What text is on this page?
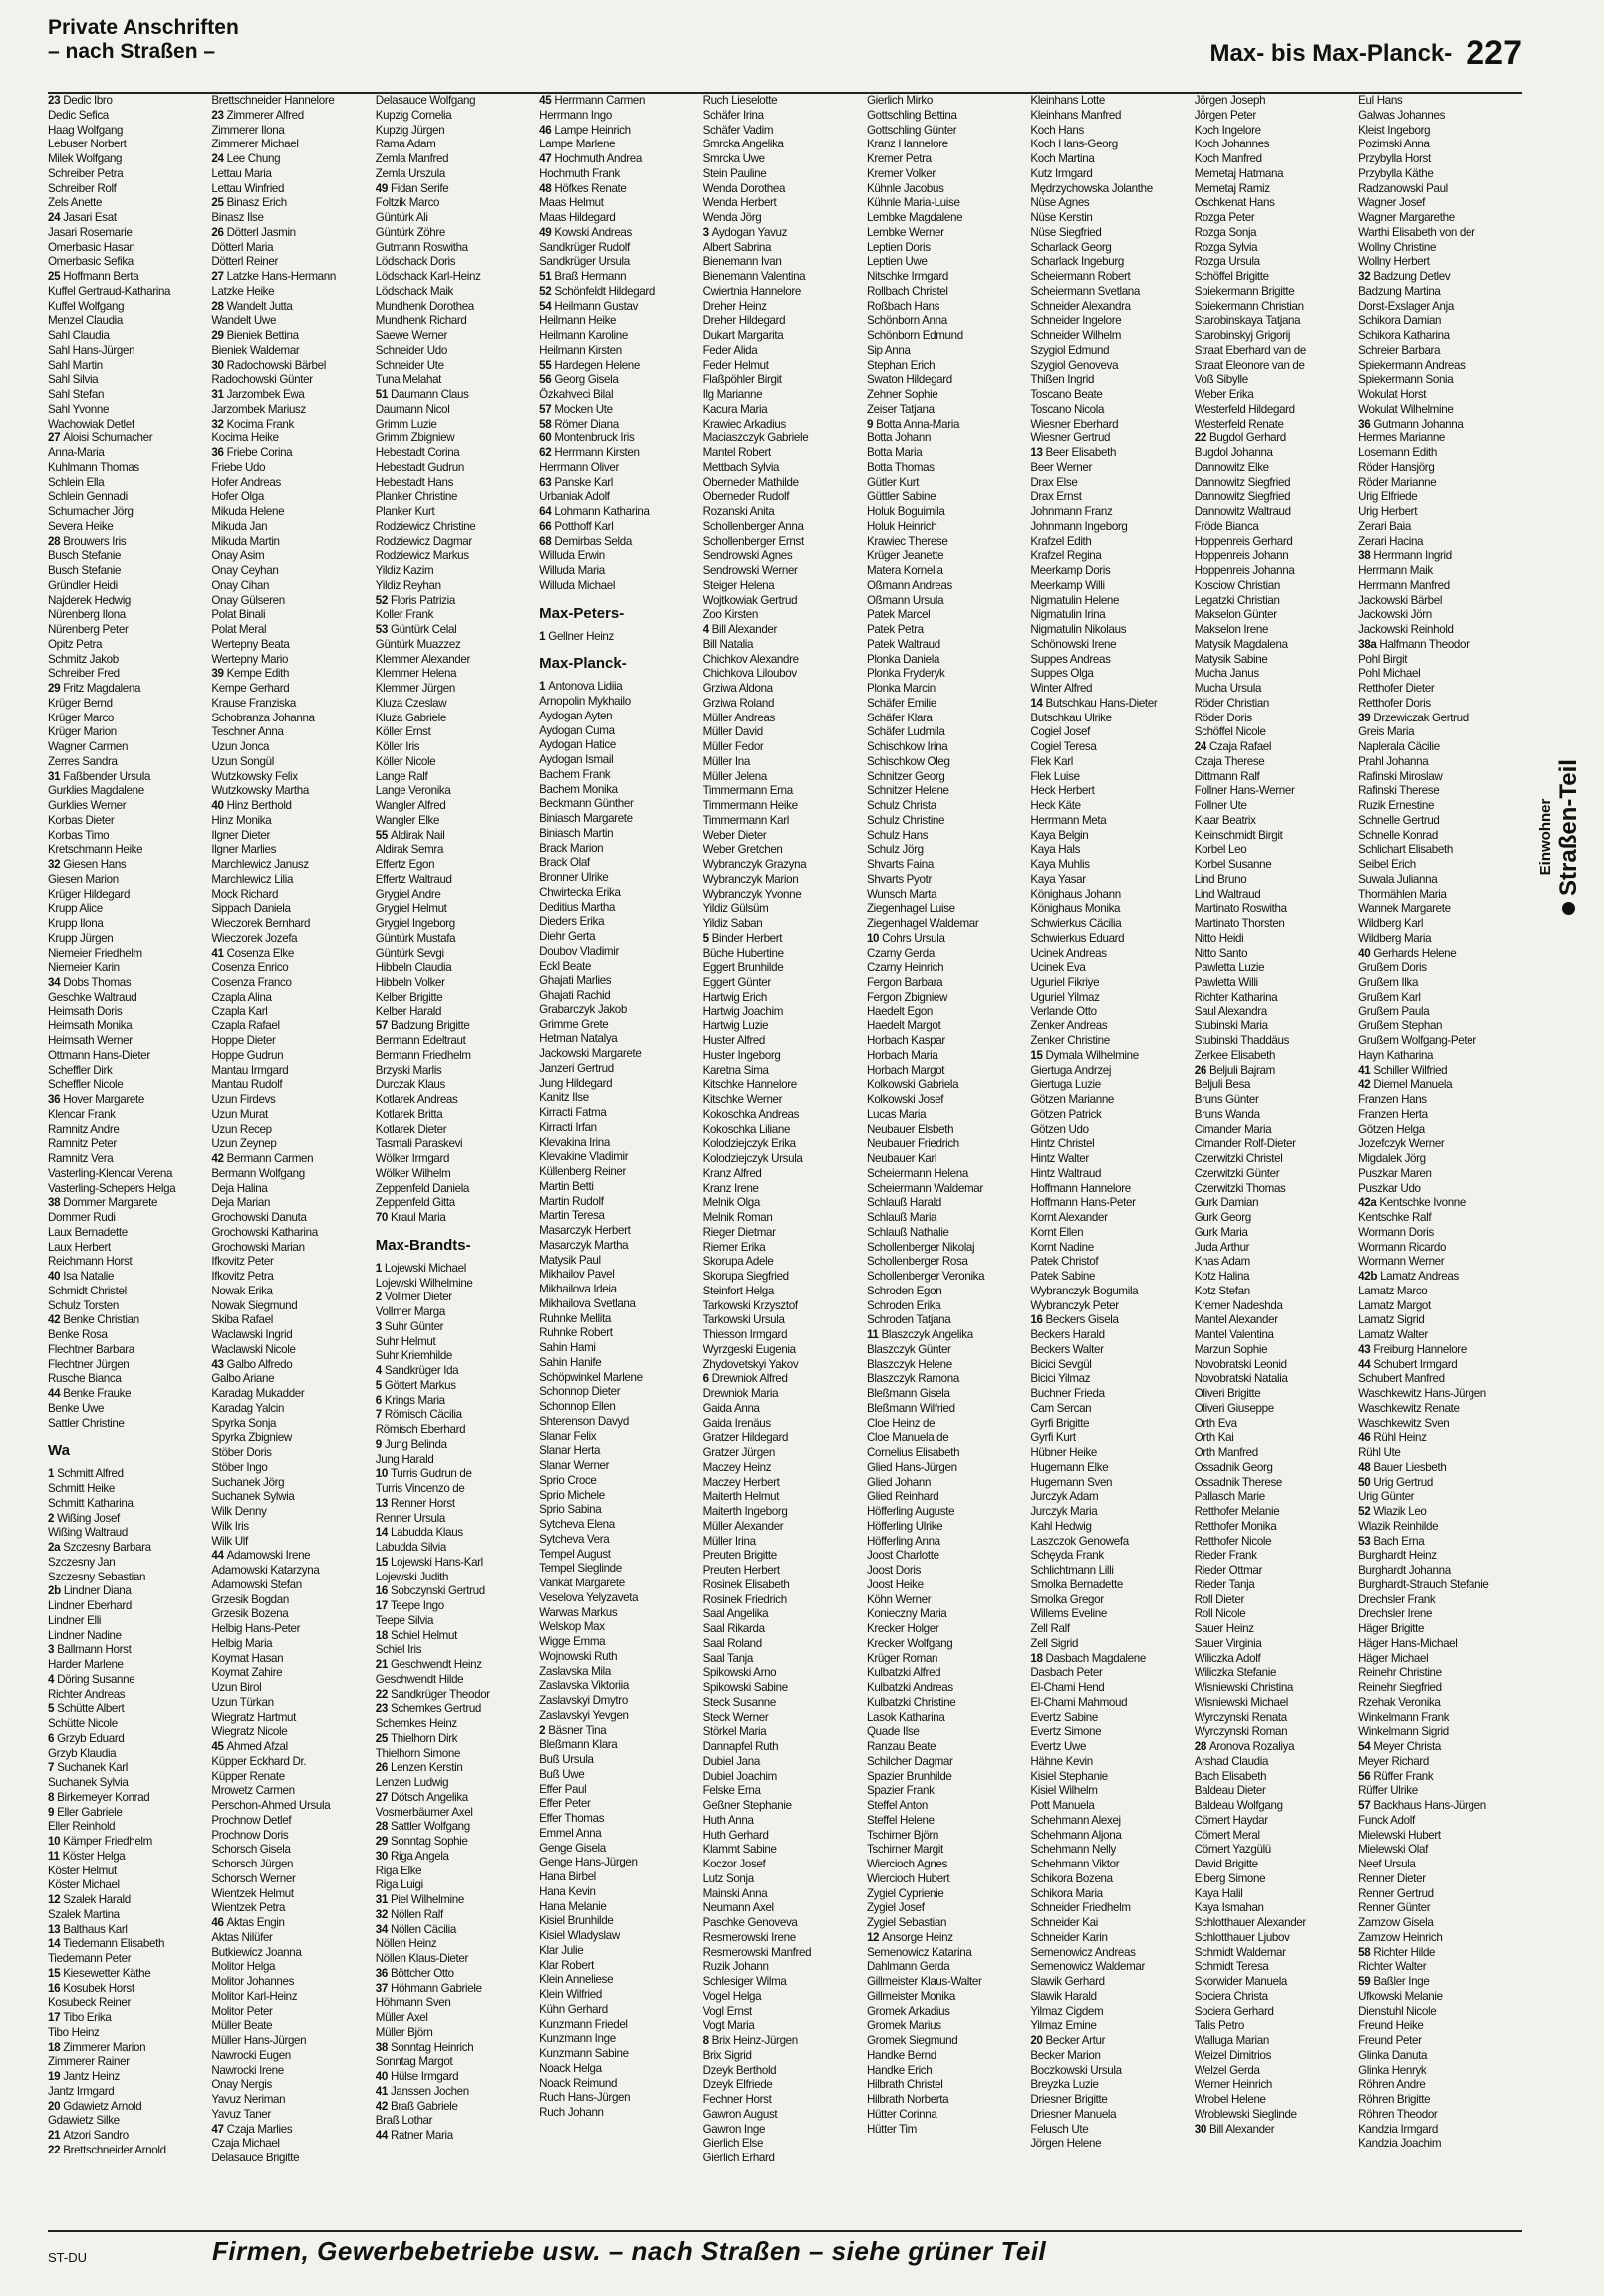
Private Anschriften
– nach Straßen –	Max- bis Max-Planck- 227
23 Dedic Ibro
Dedic Sefica
Haag Wolfgang
Lebuser Norbert
Milek Wolfgang
Schreiber Petra
Schreiber Rolf
Zels Anette
24 Jasari Esat
Jasari Rosemarie
Omerbasic Hasan
Omerbasic Sefika
25 Hoffmann Berta
Kuffel Gertraud-Katharina
Kuffel Wolfgang
Menzel Claudia
Sahl Claudia
Sahl Hans-Jürgen
Sahl Martin
Sahl Silvia
Sahl Stefan
Sahl Yvonne
Wachowiak Detlef
27 Aloisi Schumacher
Anna-Maria
Kuhlmann Thomas
Schlein Ella
Schlein Gennadi
Schumacher Jörg
Severa Heike
28 Brouwers Iris
Busch Stefanie
Busch Stefanie
Gründler Heidi
Najderek Hedwig
Nürenberg Ilona
Nürenberg Peter
Opitz Petra
Schmitz Jakob
Schreiber Fred
29 Fritz Magdalena
Krüger Bernd
Krüger Marco
Krüger Marion
Wagner Carmen
Zerres Sandra
31 Faßbender Ursula
Gurklies Magdalene
Gurklies Werner
Korbas Dieter
Korbas Timo
Kretschmann Heike
32 Giesen Hans
Giesen Marion
Krüger Hildegard
Krupp Alice
Krupp Ilona
Krupp Jürgen
Niemeier Friedhelm
Niemeier Karin
34 Dobs Thomas
Geschke Waltraud
Heimsath Doris
Heimsath Monika
Heimsath Werner
Ottmann Hans-Dieter
Scheffler Dirk
Scheffler Nicole
36 Hover Margarete
Klencar Frank
Ramnitz Andre
Ramnitz Peter
Ramnitz Vera
Vasterling-Klencar Verena
Vasterling-Schepers Helga
38 Dommer Margarete
Dommer Rudi
Laux Bernadette
Laux Herbert
Reichmann Horst
40 Isa Natalie
Schmidt Christel
Schulz Torsten
42 Benke Christian
Benke Rosa
Flechtner Barbara
Flechtner Jürgen
Rusche Bianca
44 Benke Frauke
Benke Uwe
Sattler Christine
Wa
1 Schmitt Alfred
Schmitt Heike
Schmitt Katharina
2 Wißing Josef
Wißing Waltraud
2a Szczesny Barbara
Szczesny Jan
Szczesny Sebastian
2b Lindner Diana
Lindner Eberhard
Lindner Elli
Lindner Nadine
3 Ballmann Horst
Harder Marlene
4 Döring Susanne
Richter Andreas
5 Schütte Albert
Schütte Nicole
6 Grzyb Eduard
Grzyb Klaudia
7 Suchanek Karl
Suchanek Sylvia
8 Birkemeyer Konrad
9 Eller Gabriele
Eller Reinhold
10 Kämper Friedhelm
11 Köster Helga
Köster Helmut
Köster Michael
12 Szalek Harald
Szalek Martina
13 Balthaus Karl
14 Tiedemann Elisabeth
Tiedemann Peter
15 Kiesewetter Käthe
16 Kosubek Horst
Kosubeck Reiner
17 Tibo Erika
Tibo Heinz
18 Zimmerer Marion
Zimmerer Rainer
19 Jantz Heinz
Jantz Irmgard
20 Gdawietz Arnold
Gdawietz Silke
21 Atzori Sandro
22 Brettschneider Arnold
Brettschneider Hannelore
23 Zimmerer Alfred
Zimmerer Ilona
Zimmerer Michael
24 Lee Chung
Lettau Maria
Lettau Winfried
25 Binasz Erich
Binasz Ilse
26 Dötterl Jasmin
Dötterl Maria
Dötterl Reiner
27 Latzke Hans-Hermann
Latzke Heike
28 Wandelt Jutta
Wandelt Uwe
29 Bieniek Bettina
Bieniek Waldemar
30 Radochowski Bärbel
Radochowski Günter
31 Jarzombek Ewa
Jarzombek Mariusz
32 Kocima Frank
Kocima Heike
36 Friebe Corina
Friebe Udo
Hofer Andreas
Hofer Olga
Mikuda Helene
Mikuda Jan
Mikuda Martin
Onay Asim
Onay Ceyhan
Onay Cihan
Onay Gülseren
Polat Binali
Polat Meral
Wertepny Beata
Wertepny Mario
39 Kempe Edith
Kempe Gerhard
Krause Franziska
Schobranza Johanna
Teschner Anna
Uzun Jonca
Uzun Songül
Wutzkowsky Felix
Wutzkowsky Martha
40 Hinz Berthold
Hinz Monika
Ilgner Dieter
Ilgner Marlies
Marchlewicz Janusz
Marchlewicz Lilia
Mock Richard
Sippach Daniela
Wieczorek Bernhard
Wieczorek Jozefa
41 Cosenza Elke
Cosenza Enrico
Cosenza Franco
Czapla Alina
Czapla Karl
Czapla Rafael
Hoppe Dieter
Hoppe Gudrun
Mantau Irmgard
Mantau Rudolf
Uzun Firdevs
Uzun Murat
Uzun Recep
Uzun Zeynep
42 Bermann Carmen
Bermann Wolfgang
Deja Halina
Deja Marian
Grochowski Danuta
Grochowski Katharina
Grochowski Marian
Ifkovitz Peter
Ifkovitz Petra
Nowak Erika
Nowak Siegmund
Skiba Rafael
Waclawski Ingrid
Waclawski Nicole
43 Galbo Alfredo
Galbo Ariane
Karadag Mukadder
Karadag Yalcin
Spyrka Sonja
Spyrka Zbigniew
Stöber Doris
Stöber Ingo
Suchanek Jörg
Suchanek Sylwia
Wilk Denny
Wilk Iris
Wilk Ulf
44 Adamowski Irene
Adamowski Katarzyna
Adamowski Stefan
Grzesik Bogdan
Grzesik Bozena
Helbig Hans-Peter
Helbig Maria
Koymat Hasan
Koymat Zahire
Uzun Birol
Uzun Türkan
Wiegratz Hartmut
Wiegratz Nicole
45 Ahmed Afzal
Küpper Eckhard Dr.
Küpper Renate
Mrowetz Carmen
Perschon-Ahmed Ursula
Prochnow Detlef
Prochnow Doris
Schorsch Gisela
Schorsch Jürgen
Schorsch Werner
Wientzek Helmut
Wientzek Petra
46 Aktas Engin
Aktas Nilüfer
Butkiewicz Joanna
Molitor Helga
Molitor Johannes
Molitor Karl-Heinz
Molitor Peter
Müller Beate
Müller Hans-Jürgen
Nawrocki Eugen
Nawrocki Irene
Onay Nergis
Yavuz Neriman
Yavuz Taner
47 Czaja Marlies
Czaja Michael
Delasauce Brigitte
Delasauce Wolfgang
Kupzig Cornelia
Kupzig Jürgen
Rama Adam
Zemla Manfred
Zemla Urszula
49 Fidan Serife
Foltzik Marco
Güntürk Ali
Güntürk Zöhre
Gutmann Roswitha
Lödschack Doris
Lödschack Karl-Heinz
Lödschack Maik
Mundhenk Dorothea
Mundhenk Richard
Saewe Werner
Schneider Udo
Schneider Ute
Tuna Melahat
51 Daumann Claus
Daumann Nicol
Grimm Luzie
Grimm Zbigniew
Hebestadt Corina
Hebestadt Gudrun
Hebestadt Hans
Planker Christine
Planker Kurt
Rodziewicz Christine
Rodziewicz Dagmar
Rodziewicz Markus
Yildiz Kazim
Yildiz Reyhan
52 Floris Patrizia
Koller Frank
53 Güntürk Celal
Güntürk Muazzez
Klemmer Alexander
Klemmer Helena
Klemmer Jürgen
Kluza Czeslaw
Kluza Gabriele
Köller Ernst
Köller Iris
Köller Nicole
Lange Ralf
Lange Veronika
Wangler Alfred
Wangler Elke
55 Aldirak Nail
Aldirak Semra
Effertz Egon
Effertz Waltraud
Grygiel Andre
Grygiel Helmut
Grygiel Ingeborg
Güntürk Mustafa
Güntürk Sevgi
Hibbeln Claudia
Hibbeln Volker
Kelber Brigitte
Kelber Harald
57 Badzung Brigitte
Bermann Edeltraut
Bermann Friedhelm
Brzyski Marlis
Durczak Klaus
Kotlarek Andreas
Kotlarek Britta
Kotlarek Dieter
Tasmali Paraskevi
Wölker Irmgard
Wölker Wilhelm
Zeppenfeld Daniela
Zeppenfeld Gitta
70 Kraul Maria
Max-Brandts-
1 Lojewski Michael
Lojewski Wilhelmine
2 Vollmer Dieter
Vollmer Marga
3 Suhr Günter
Suhr Helmut
Suhr Kriemhilde
4 Sandkrüger Ida
5 Göttert Markus
6 Krings Maria
7 Römisch Cäcilia
Römisch Eberhard
9 Jung Belinda
Jung Harald
10 Turris Gudrun de
Turris Vincenzo de
13 Renner Horst
Renner Ursula
14 Labudda Klaus
Labudda Silvia
15 Lojewski Hans-Karl
Lojewski Judith
16 Sobczynski Gertrud
17 Teepe Ingo
Teepe Silvia
18 Schiel Helmut
Schiel Iris
21 Geschwendt Heinz
Geschwendt Hilde
22 Sandkrüger Theodor
23 Schemkes Gertrud
Schemkes Heinz
25 Thielhorn Dirk
Thielhorn Simone
26 Lenzen Kerstin
Lenzen Ludwig
27 Dötsch Angelika
Vosmerbäumer Axel
28 Sattler Wolfgang
29 Sonntag Sophie
30 Riga Angela
Riga Elke
Riga Luigi
31 Piel Wilhelmine
32 Nöllen Ralf
34 Nöllen Cäcilia
Nöllen Heinz
Nöllen Klaus-Dieter
36 Böttcher Otto
37 Höhmann Gabriele
Höhmann Sven
Müller Axel
Müller Björn
38 Sonntag Heinrich
Sonntag Margot
40 Hülse Irmgard
41 Janssen Jochen
42 Braß Gabriele
Braß Lothar
44 Ratner Maria
45 Herrmann Carmen
Herrmann Ingo
46 Lampe Heinrich
Lampe Marlene
47 Hochmuth Andrea
Hochmuth Frank
48 Höfkes Renate
Maas Helmut
Maas Hildegard
49 Kowski Andreas
Sandkrüger Rudolf
Sandkrüger Ursula
51 Braß Hermann
52 Schönfeldt Hildegard
54 Heilmann Gustav
Heilmann Heike
Heilmann Karoline
Heilmann Kirsten
55 Hardegen Helene
56 Georg Gisela
Özkahveci Bilal
57 Mocken Ute
58 Römer Diana
60 Montenbruck Iris
62 Herrmann Kirsten
Herrmann Oliver
63 Panske Karl
Urbaniak Adolf
64 Lohmann Katharina
66 Potthoff Karl
68 Demirbas Selda
Willuda Erwin
Willuda Maria
Willuda Michael
Max-Peters-
1 Gellner Heinz
Max-Planck-
1 Antonova Lidiia
Arnopolin Mykhailo
Aydogan Ayten
Aydogan Cuma
Aydogan Hatice
Aydogan Ismail
Bachem Frank
Bachem Monika
Beckmann Günther
Biniasch Margarete
Biniasch Martin
Brack Marion
Brack Olaf
Bronner Ulrike
Chwirtecka Erika
Deditius Martha
Dieders Erika
Diehr Gerta
Doubov Vladimir
Eckl Beate
Ghajati Marlies
Ghajati Rachid
Grabarczyk Jakob
Grimme Grete
Hetman Natalya
Jackowski Margarete
Janzeri Gertrud
Jung Hildegard
Kanitz Ilse
Kirracti Fatma
Kirracti Irfan
Klevakina Irina
Klevakine Vladimir
Küllenberg Reiner
Martin Betti
Martin Rudolf
Martin Teresa
Masarczyk Herbert
Masarczyk Martha
Matysik Paul
Mikhailov Pavel
Mikhailova Ideia
Mikhailova Svetlana
Ruhnke Mellita
Ruhnke Robert
Sahin Hami
Sahin Hanife
Schöpwinkel Marlene
Schonnop Dieter
Schonnop Ellen
Shterenson Davyd
Slanar Felix
Slanar Herta
Slanar Werner
Sprio Croce
Sprio Michele
Sprio Sabina
Sytcheva Elena
Sytcheva Vera
Tempel August
Tempel Sieglinde
Vankat Margarete
Veselova Yelyzaveta
Warwas Markus
Welskop Max
Wigge Emma
Wojnowski Ruth
Zaslavska Mila
Zaslavska Viktoriia
Zaslavskyi Dmytro
Zaslavskyi Yevgen
2 Bäsner Tina
Bleßmann Klara
Buß Ursula
Buß Uwe
Effer Paul
Effer Peter
Effer Thomas
Emmel Anna
Genge Gisela
Genge Hans-Jürgen
Hana Birbel
Hana Kevin
Hana Melanie
Kisiel Brunhilde
Kisiel Wladyslaw
Klar Julie
Klar Robert
Klein Anneliese
Klein Wilfried
Kühn Gerhard
Kunzmann Friedel
Kunzmann Inge
Kunzmann Sabine
Noack Helga
Noack Reimund
Ruch Hans-Jürgen
Ruch Johann
Ruch Lieselotte
Schäfer Irina
Schäfer Vadim
Smrcka Angelika
Smrcka Uwe
Stein Pauline
Wenda Dorothea
Wenda Herbert
Wenda Jörg
3 Aydogan Yavuz
Albert Sabrina
Bienemann Ivan
Bienemann Valentina
Cwiertnia Hannelore
Dreher Heinz
Dreher Hildegard
Dukart Margarita
Feder Alida
Feder Helmut
Flaßpöhler Birgit
Ilg Marianne
Kacura Maria
Krawiec Arkadius
Maciaszczyk Gabriele
Mantel Robert
Mettbach Sylvia
Oberneder Mathilde
Oberneder Rudolf
Rozanski Anita
Schollenberger Anna
Schollenberger Ernst
Sendrowski Agnes
Sendrowski Werner
Steiger Helena
Wojtkowiak Gertrud
Zoo Kirsten
4 Bill Alexander
Bill Natalia
Chichkov Alexandre
Chichkova Liloubov
Grziwa Aldona
Grziwa Roland
Müller Andreas
Müller David
Müller Fedor
Müller Ina
Müller Jelena
Timmermann Erna
Timmermann Heike
Timmermann Karl
Weber Dieter
Weber Gretchen
Wybranczyk Grazyna
Wybranczyk Marion
Wybranczyk Yvonne
Yildiz Gülsüm
Yildiz Saban
5 Binder Herbert
Büche Hubertine
Eggert Brunhilde
Eggert Günter
Hartwig Erich
Hartwig Joachim
Hartwig Luzie
Huster Alfred
Huster Ingeborg
Karetna Sima
Kitschke Hannelore
Kitschke Werner
Kokoschka Andreas
Kokoschka Liliane
Kolodziejczyk Erika
Kolodziejczyk Ursula
Kranz Alfred
Kranz Irene
Melnik Olga
Melnik Roman
Rieger Dietmar
Riemer Erika
Skorupa Adele
Skorupa Siegfried
Steinfort Helga
Tarkowski Krzysztof
Tarkowski Ursula
Thiesson Irmgard
Wyrzgeski Eugenia
Zhydovetskyi Yakov
6 Drewniok Alfred
Drewniok Maria
Gaida Anna
Gaida Irenäus
Gratzer Hildegard
Gratzer Jürgen
Maczey Heinz
Maczey Herbert
Maiterth Helmut
Maiterth Ingeborg
Müller Alexander
Müller Irina
Preuten Brigitte
Preuten Herbert
Rosinek Elisabeth
Rosinek Friedrich
Saal Angelika
Saal Rikarda
Saal Roland
Saal Tanja
Spikowski Arno
Spikowski Sabine
Steck Susanne
Steck Werner
Störkel Maria
Dannapfel Ruth
Dubiel Jana
Dubiel Joachim
Felske Erna
Geßner Stephanie
Huth Anna
Huth Gerhard
Klammt Sabine
Koczor Josef
Lutz Sonja
Mainski Anna
Neumann Axel
Paschke Genoveva
Resmerowski Irene
Resmerowski Manfred
Ruzik Johann
Schlesiger Wilma
Vogel Helga
Vogl Ernst
Vogt Maria
8 Brix Heinz-Jürgen
Brix Sigrid
Dzeyk Berthold
Dzeyk Elfriede
Fechner Horst
Gawron August
Gawron Inge
Gierlich Else
Gierlich Erhard
Gierlich Mirko
Gottschling Bettina
Gottschling Günter
Kranz Hannelore
Kremer Petra
Kremer Volker
Kühnle Jacobus
Kühnle Maria-Luise
Lembke Magdalene
Lembke Werner
Leptien Doris
Leptien Uwe
Nitschke Irmgard
Rollbach Christel
Roßbach Hans
Schönborn Anna
Schönborn Edmund
Sip Anna
Stephan Erich
Swaton Hildegard
Zehner Sophie
Zeiser Tatjana
9 Botta Anna-Maria
Botta Johann
Botta Maria
Botta Thomas
Gütler Kurt
Güttler Sabine
Holuk Boguimila
Holuk Heinrich
Krawiec Therese
Krüger Jeanette
Matera Kornelia
Oßmann Andreas
Oßmann Ursula
Patek Marcel
Patek Petra
Patek Waltraud
Plonka Daniela
Plonka Fryderyk
Plonka Marcin
Schäfer Emilie
Schäfer Klara
Schäfer Ludmila
Schischkow Irina
Schischkow Oleg
Schnitzer Georg
Schnitzer Helene
Schulz Christa
Schulz Christine
Schulz Hans
Schulz Jörg
Shvarts Faina
Shvarts Pyotr
Wunsch Marta
Ziegenhagel Luise
Ziegenhagel Waldemar
10 Cohrs Ursula
Czarny Gerda
Czarny Heinrich
Fergon Barbara
Fergon Zbigniew
Haedelt Egon
Haedelt Margot
Horbach Kaspar
Horbach Maria
Horbach Margot
Kolkowski Gabriela
Kolkowski Josef
Lucas Maria
Neubauer Elsbeth
Neubauer Friedrich
Neubauer Karl
Scheiermann Helena
Scheiermann Waldemar
Schlauß Harald
Schlauß Maria
Schlauß Nathalie
Schollenberger Nikolaj
Schollenberger Rosa
Schollenberger Veronika
Schroden Egon
Schroden Erika
Schroden Tatjana
11 Blaszczyk Angelika
Blaszczyk Günter
Blaszczyk Helene
Blaszczyk Ramona
Bleßmann Gisela
Bleßmann Wilfried
Cloe Heinz de
Cloe Manuela de
Cornelius Elisabeth
Glied Hans-Jürgen
Glied Johann
Glied Reinhard
Höfferling Auguste
Höfferling Ulrike
Höfferling Anna
Joost Charlotte
Joost Doris
Joost Heike
Köhn Werner
Konieczny Maria
Krecker Holger
Krecker Wolfgang
Krüger Roman
Kulbatzki Alfred
Kulbatzki Andreas
Kulbatzki Christine
Lasok Katharina
Quade Ilse
Ranzau Beate
Schilcher Dagmar
Spazier Brunhilde
Spazier Frank
Steffel Anton
Steffel Helene
Tschirner Björn
Tschirner Margit
Wiercioch Agnes
Wiercioch Hubert
Zygiel Cyprienie
Zygiel Josef
Zygiel Sebastian
12 Ansorge Heinz
Semenowicz Katarina
Dahlmann Gerda
Gillmeister Klaus-Walter
Gillmeister Monika
Gromek Arkadius
Gromek Marius
Gromek Siegmund
Handke Bernd
Handke Erich
Hilbrath Christel
Hilbrath Norberta
Hütter Corinna
Hütter Tim
Kleinhans Lotte
Kleinhans Manfred
Koch Hans
Koch Hans-Georg
Koch Martina
Kutz Irmgard
Mędrzychowska Jolanthe
Nüse Agnes
Nüse Kerstin
Nüse Siegfried
Scharlack Georg
Scharlack Ingeburg
Scheiermann Robert
Scheiermann Svetlana
Schneider Alexandra
Schneider Ingelore
Schneider Wilhelm
Szygiol Edmund
Szygiol Genoveva
Thißen Ingrid
Toscano Beate
Toscano Nicola
Wiesner Eberhard
Wiesner Gertrud
13 Beer Elisabeth
Beer Werner
Drax Else
Drax Ernst
Johnmann Franz
Johnmann Ingeborg
Krafzel Edith
Krafzel Regina
Meerkamp Doris
Meerkamp Willi
Nigmatulin Helene
Nigmatulin Irina
Nigmatulin Nikolaus
Schönowski Irene
Suppes Andreas
Suppes Olga
Winter Alfred
14 Butschkau Hans-Dieter
Butschkau Ulrike
Cogiel Josef
Cogiel Teresa
Flek Karl
Flek Luise
Heck Herbert
Heck Käte
Herrmann Meta
Kaya Belgin
Kaya Hals
Kaya Muhlis
Kaya Yasar
Könighaus Johann
Könighaus Monika
Schwierkus Cäcilia
Schwierkus Eduard
Ucinek Andreas
Ucinek Eva
Uguriel Fikriye
Uguriel Yilmaz
Verlande Otto
Zenker Andreas
Zenker Christine
15 Dymala Wilhelmine
Giertuga Andrzej
Giertuga Luzie
Götzen Marianne
Götzen Patrick
Götzen Udo
Hintz Christel
Hintz Walter
Hintz Waltraud
Hoffmann Hannelore
Hoffmann Hans-Peter
Kornt Alexander
Kornt Ellen
Kornt Nadine
Patek Christof
Patek Sabine
Wybranczyk Bogumila
Wybranczyk Peter
16 Beckers Gisela
Beckers Harald
Beckers Walter
Bicici Sevgül
Bicici Yilmaz
Buchner Frieda
Cam Sercan
Gyrfi Brigitte
Gyrfi Kurt
Hübner Heike
Hugemann Elke
Hugemann Sven
Jurczyk Adam
Jurczyk Maria
Kahl Hedwig
Laszczok Genowefa
Schęyda Frank
Schlichtmann Lilli
Smolka Bernadette
Smolka Gregor
Willems Eveline
Zell Ralf
Zell Sigrid
18 Dasbach Magdalene
Dasbach Peter
El-Chami Hend
El-Chami Mahmoud
Evertz Sabine
Evertz Simone
Evertz Uwe
Hähne Kevin
Kisiel Stephanie
Kisiel Wilhelm
Pott Manuela
Schehmann Alexej
Schehmann Aljona
Schehmann Nelly
Schehmann Viktor
Schikora Bozena
Schikora Maria
Schneider Friedhelm
Schneider Kai
Schneider Karin
Semenowicz Andreas
Semenowicz Waldemar
Slawik Gerhard
Slawik Harald
Yilmaz Cigdem
Yilmaz Emine
20 Becker Artur
Becker Marion
Boczkowski Ursula
Breyzka Luzie
Driesner Brigitte
Driesner Manuela
Felusch Ute
Jörgen Helene
Jörgen Joseph
Jörgen Peter
Koch Ingelore
Koch Johannes
Koch Manfred
Memetaj Hatmana
Memetaj Ramiz
Oschkenat Hans
Rozga Peter
Rozga Sonja
Rozga Sylvia
Rozga Ursula
Schöffel Brigitte
Spiekermann Brigitte
Spiekermann Christian
Starobinskaya Tatjana
Starobinskyj Grigorij
Straat Eberhard van de
Straat Eleonore van de
Voß Sibylle
Weber Erika
Westerfeld Hildegard
Westerfeld Renate
22 Bugdol Gerhard
Bugdol Johanna
Dannowitz Elke
Dannowitz Siegfried
Dannowitz Siegfried
Dannowitz Waltraud
Fröde Bianca
Hoppenreis Gerhard
Hoppenreis Johann
Hoppenreis Johanna
Kosciow Christian
Legatzki Christian
Makselon Günter
Makselon Irene
Matysik Magdalena
Matysik Sabine
Mucha Janus
Mucha Ursula
Röder Christian
Röder Doris
Schöffel Nicole
24 Czaja Rafael
Czaja Therese
Dittmann Ralf
Follner Hans-Werner
Follner Ute
Klaar Beatrix
Kleinschmidt Birgit
Korbel Leo
Korbel Susanne
Lind Bruno
Lind Waltraud
Martinato Roswitha
Martinato Thorsten
Nitto Heidi
Nitto Santo
Pawletta Luzie
Pawletta Willi
Richter Katharina
Saul Alexandra
Stubinski Maria
Stubinski Thaddäus
Zerkee Elisabeth
26 Beljuli Bajram
Beljuli Besa
Bruns Günter
Bruns Wanda
Cimander Maria
Cimander Rolf-Dieter
Czerwitzki Christel
Czerwitzki Günter
Czerwitzki Thomas
Gurk Damian
Gurk Georg
Gurk Maria
Juda Arthur
Knas Adam
Kotz Halina
Kotz Stefan
Kremer Nadeshda
Mantel Alexander
Mantel Valentina
Marzun Sophie
Novobratski Leonid
Novobratski Natalia
Oliveri Brigitte
Oliveri Giuseppe
Orth Eva
Orth Kai
Orth Manfred
Ossadnik Georg
Ossadnik Therese
Pallasch Marie
Retthofer Melanie
Retthofer Monika
Retthofer Nicole
Rieder Frank
Rieder Ottmar
Rieder Tanja
Roll Dieter
Roll Nicole
Sauer Heinz
Sauer Virginia
Wiliczka Adolf
Wiliczka Stefanie
Wisniewski Christina
Wisniewski Michael
Wyrczynski Renata
Wyrczynski Roman
28 Aronova Rozaliya
Arshad Claudia
Bach Elisabeth
Baldeau Dieter
Baldeau Wolfgang
Cömert Haydar
Cömert Meral
Cömert Yazgülü
David Brigitte
Elberg Simone
Kaya Halil
Kaya Ismahan
Schlotthauer Alexander
Schlotthauer Ljubov
Schmidt Waldemar
Schmidt Teresa
Skorwider Manuela
Sociera Christa
Sociera Gerhard
Talis Petro
Walluga Marian
Weizel Dimitrios
Welzel Gerda
Werner Heinrich
Wrobel Helene
Wroblewski Sieglinde
30 Bill Alexander
Eul Hans
Galwas Johannes
Kleist Ingeborg
Pozimski Anna
Przybylla Horst
Przybylla Käthe
Radzanowski Paul
Wagner Josef
Wagner Margarethe
Warthi Elisabeth von der
Wollny Christine
Wollny Herbert
32 Badzung Detlev
Badzung Martina
Dorst-Exslager Anja
Schikora Damian
Schikora Katharina
Schreier Barbara
Spiekermann Andreas
Spiekermann Sonia
Wokulat Horst
Wokulat Wilhelmine
36 Gutmann Johanna
Hermes Marianne
Losemann Edith
Röder Hansjörg
Röder Marianne
Urig Elfriede
Urig Herbert
Zerari Baia
Zerari Hacina
38 Herrmann Ingrid
Herrmann Maik
Herrmann Manfred
Jackowski Bärbel
Jackowski Jörn
Jackowski Reinhold
38a Halfmann Theodor
Pohl Birgit
Pohl Michael
Retthofer Dieter
Retthofer Doris
39 Drzewiczak Gertrud
Greis Maria
Naplerala Cäcilie
Prahl Johanna
Rafinski Miroslaw
Rafinski Therese
Ruzik Ernestine
Schnelle Gertrud
Schnelle Konrad
Schlichart Elisabeth
Seibel Erich
Suwala Julianna
Thormählen Maria
Wannek Margarete
Wildberg Karl
Wildberg Maria
40 Gerhards Helene
Grußem Doris
Grußem Ilka
Grußem Karl
Grußem Paula
Grußem Stephan
Grußem Wolfgang-Peter
Hayn Katharina
41 Schiller Wilfried
42 Diemel Manuela
Franzen Hans
Franzen Herta
Götzen Helga
Jozefczyk Werner
Migdalek Jörg
Puszkar Maren
Puszkar Udo
42a Kentschke Ivonne
Kentschke Ralf
Wormann Doris
Wormann Ricardo
Wormann Werner
42b Lamatz Andreas
Lamatz Marco
Lamatz Margot
Lamatz Sigrid
Lamatz Walter
43 Freiburg Hannelore
44 Schubert Irmgard
Schubert Manfred
Waschkewitz Hans-Jürgen
Waschkewitz Renate
Waschkewitz Sven
46 Rühl Heinz
Rühl Ute
48 Bauer Liesbeth
50 Urig Gertrud
Urig Günter
52 Wlazik Leo
Wlazik Reinhilde
53 Bach Erna
Burghardt Heinz
Burghardt Johanna
Burghardt-Strauch Stefanie
Drechsler Frank
Drechsler Irene
Häger Brigitte
Häger Hans-Michael
Häger Michael
Reinehr Christine
Reinehr Siegfried
Rzehak Veronika
Winkelmann Frank
Winkelmann Sigrid
54 Meyer Christa
Meyer Richard
56 Rüffer Frank
Rüffer Ulrike
57 Backhaus Hans-Jürgen
Funck Adolf
Mielewski Hubert
Mielewski Olaf
Neef Ursula
Renner Dieter
Renner Gertrud
Renner Günter
Zamzow Gisela
Zamzow Heinrich
58 Richter Hilde
Richter Walter
59 Baßler Inge
Ufkowski Melanie
Dienstuhl Nicole
Freund Heike
Freund Peter
Glinka Danuta
Glinka Henryk
Röhren Andre
Röhren Brigitte
Röhren Theodor
Kandzia Irmgard
Kandzia Joachim
Einwohner Straßen-Teil
ST-DU	Firmen, Gewerbebetriebe usw. – nach Straßen – siehe grüner Teil
